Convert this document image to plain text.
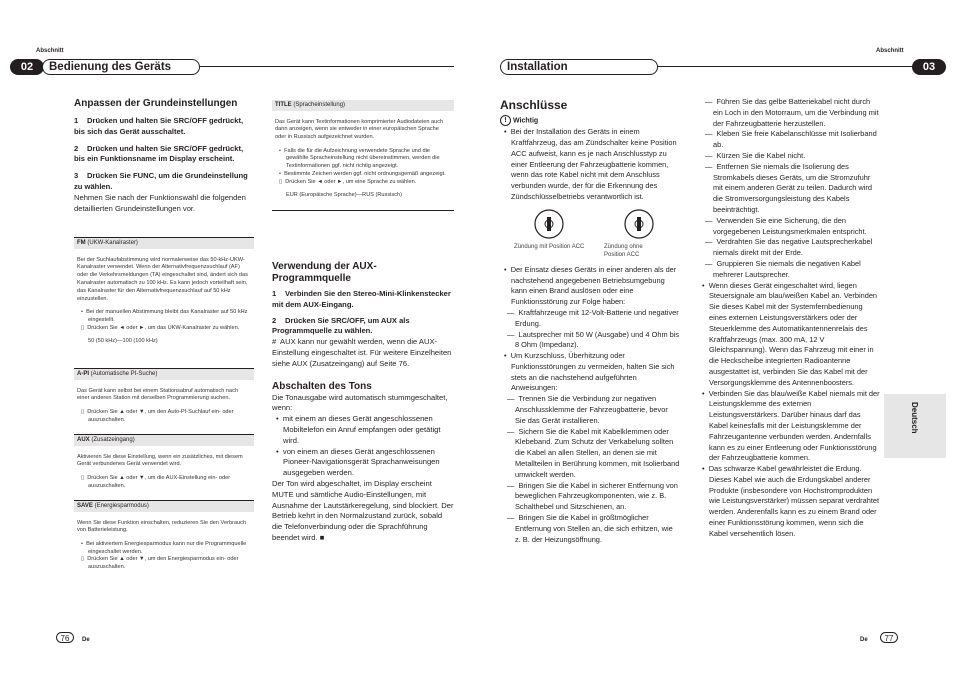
Abschnitt
02	Bedienung des Geräts
Abschnitt
Installation	03
Anpassen der Grundeinstellungen

1 Drücken und halten Sie SRC/OFF gedrückt, bis sich das Gerät ausschaltet.

2 Drücken und halten Sie SRC/OFF gedrückt, bis ein Funktionsname im Display erscheint.

3 Drücken Sie FUNC, um die Grundeinstellung zu wählen.

Nehmen Sie nach der Funktionswahl die folgenden detaillierten Grundeinstellungen vor.

FM (UKW-Kanalraster)

Bei der Suchlaufabstimmung wird normalerweise das 50-kHz-UKW-Kanalraster verwendet. Wenn der Alternativfrequenzsuchlauf (AF) oder die Verkehrsmeldungen (TA) eingeschaltet sind, ändert sich das Kanalraster automatisch zu 100 kHz. Es kann jedoch vorteilhaft sein, das Kanalraster für den Alternativfrequenzsuchlauf auf 50 kHz einzustellen.

•  Bei der manuellen Abstimmung bleibt das Kanalraster auf 50 kHz eingestellt.

▯  Drücken Sie ◄ oder ►, um das UKW-Kanalraster zu wählen.

50 (50 kHz)—100 (100 kHz)

A-PI (Automatische PI-Suche)

Das Gerät kann selbst bei einem Stationsabruf automatisch nach einer anderen Station mit derselben Programmierung suchen.

▯  Drücken Sie ▲ oder ▼, um den Auto-PI-Suchlauf ein- oder auszuschalten.

AUX (Zusatzeingang)

Aktivieren Sie diese Einstellung, wenn ein zusätzliches, mit diesem Gerät verbundenes Gerät verwendet wird.

▯  Drücken Sie ▲ oder ▼, um die AUX-Einstellung ein- oder auszuschalten.

SAVE (Energiesparmodus)

Wenn Sie diese Funktion einschalten, reduzieren Sie den Verbrauch von Batterieleistung.

•  Bei aktiviertem Energiesparmodus kann nur die Programmquelle eingeschaltet werden.

▯  Drücken Sie ▲ oder ▼, um den Energiesparmodus ein- oder auszuschalten.

TITLE (Spracheinstellung)

Das Gerät kann Textinformationen komprimierter Audiodateien auch dann anzeigen, wenn sie entweder in einer europäischen Sprache oder in Russisch aufgezeichnet wurden.

•  Falls die für die Aufzeichnung verwendete Sprache und die gewählte Spracheinstellung nicht übereinstimmen, werden die Textinformationen ggf. nicht richtig angezeigt.

•  Bestimmte Zeichen werden ggf. nicht ordnungsgemäß angezeigt.

▯  Drücken Sie ◄ oder ►, um eine Sprache zu wählen.

EUR (Europäische Sprache)—RUS (Russisch)

Verwendung der AUX-Programmquelle

1 Verbinden Sie den Stereo-Mini-Klinkenstecker mit dem AUX-Eingang.

2 Drücken Sie SRC/OFF, um AUX als Programmquelle zu wählen.

#  AUX kann nur gewählt werden, wenn die AUX-Einstellung eingeschaltet ist. Für weitere Einzelheiten siehe AUX (Zusatzeingang) auf Seite 76.

Abschalten des Tons

Die Tonausgabe wird automatisch stummgeschaltet, wenn:

•  mit einem an dieses Gerät angeschlossenen Mobiltelefon ein Anruf empfangen oder getätigt wird.

•  von einem an dieses Gerät angeschlossenen Pioneer-Navigationsgerät Sprachanweisungen ausgegeben werden.

Der Ton wird abgeschaltet, im Display erscheint MUTE und sämtliche Audio-Einstellungen, mit Ausnahme der Lautstärkeregelung, sind blockiert. Der Betrieb kehrt in den Normalzustand zurück, sobald die Telefonverbindung oder die Sprachführung beendet wird. ■

Anschlüsse

! Wichtig

•  Bei der Installation des Geräts in einem Kraftfahrzeug, das am Zündschalter keine Position ACC aufweist, kann es je nach Anschlusstyp zu einer Entleerung der Fahrzeugbatterie kommen, wenn das rote Kabel nicht mit dem Anschluss verbunden wurde, der für die Erkennung des Zündschlüsselbetriebs verantwortlich ist.

Zündung mit Position ACC	Zündung ohne Position ACC

•  Der Einsatz dieses Geräts in einer anderen als der nachstehend angegebenen Betriebsumgebung kann einen Brand auslösen oder eine Funktionsstörung zur Folge haben:

—  Kraftfahrzeuge mit 12-Volt-Batterie und negativer Erdung.

—  Lautsprecher mit 50 W (Ausgabe) und 4 Ohm bis 8 Ohm (Impedanz).

•  Um Kurzschluss, Überhitzung oder Funktionsstörungen zu vermeiden, halten Sie sich stets an die nachstehend aufgeführten Anweisungen:

—  Trennen Sie die Verbindung zur negativen Anschlussklemme der Fahrzeugbatterie, bevor Sie das Gerät installieren.

—  Sichern Sie die Kabel mit Kabelklemmen oder Klebeband. Zum Schutz der Verkabelung sollten die Kabel an allen Stellen, an denen sie mit Metallteilen in Berührung kommen, mit Isolierband umwickelt werden.

—  Bringen Sie die Kabel in sicherer Entfernung von beweglichen Fahrzeugkomponenten, wie z. B. Schalthebel und Sitzschienen, an.

—  Bringen Sie die Kabel in größtmöglicher Entfernung von Stellen an, die sich erhitzen, wie z. B. der Heizungsöffnung.

—  Führen Sie das gelbe Batteriekabel nicht durch ein Loch in den Motorraum, um die Verbindung mit der Fahrzeugbatterie herzustellen.

—  Kleben Sie freie Kabelanschlüsse mit Isolierband ab.

—  Kürzen Sie die Kabel nicht.

—  Entfernen Sie niemals die Isolierung des Stromkabels dieses Geräts, um die Stromzufuhr mit einem anderen Gerät zu teilen. Dadurch wird die Stromversorgungsleistung des Kabels beeinträchtigt.

—  Verwenden Sie eine Sicherung, die den vorgegebenen Leistungsmerkmalen entspricht.

—  Verdrahten Sie das negative Lautsprecherkabel niemals direkt mit der Erde.

—  Gruppieren Sie niemals die negativen Kabel mehrerer Lautsprecher.

•  Wenn dieses Gerät eingeschaltet wird, liegen Steuersignale am blau/weißen Kabel an. Verbinden Sie dieses Kabel mit der Systemfernbedienung eines externen Leistungsverstärkers oder der Steuerklemme des Automatikantennenrelais des Kraftfahrzeugs (max. 300 mA, 12 V Gleichspannung). Wenn das Fahrzeug mit einer in die Heckscheibe integrierten Radioantenne ausgestattet ist, verbinden Sie das Kabel mit der Versorgungsklemme des Antennenboosters.

•  Verbinden Sie das blau/weiße Kabel niemals mit der Leistungsklemme des externen Leistungsverstärkers. Darüber hinaus darf das Kabel keinesfalls mit der Leistungsklemme der Fahrzeugantenne verbunden werden. Andernfalls kann es zu einer Entleerung oder Funktionsstörung der Fahrzeugbatterie kommen.

•  Das schwarze Kabel gewährleistet die Erdung. Dieses Kabel wie auch die Erdungskabel anderer Produkte (insbesondere von Hochstromprodukten wie Leistungsverstärker) müssen separat verdrahtet werden. Anderenfalls kann es zu einem Brand oder einer Funktionsstörung kommen, wenn sich die Kabel versehentlich lösen.

Deutsch
76	De	De	77
